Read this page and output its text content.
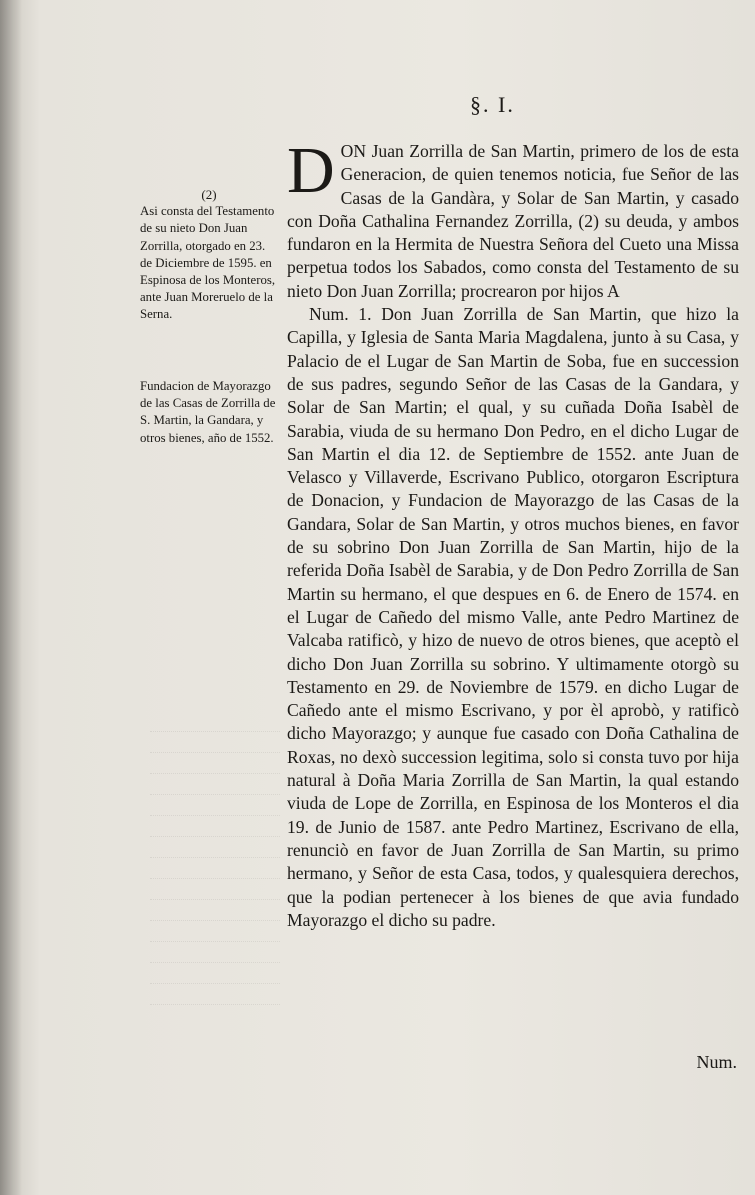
§. I.
(2)
Asi consta del Testamento de su nieto Don Juan Zorrilla, otorgado en 23. de Diciembre de 1595. en Espinosa de los Monteros, ante Juan Moreruelo de la Serna.
Fundacion de Mayorazgo de las Casas de Zorrilla de S. Martin, la Gandara, y otros bienes, año de 1552.

DON Juan Zorrilla de San Martin, primero de los de esta Generacion, de quien tenemos noticia, fue Señor de las Casas de la Gandàra, y Solar de San Martin, y casado con Doña Cathalina Fernandez Zorrilla, (2) su deuda, y ambos fundaron en la Hermita de Nuestra Señora del Cueto una Missa perpetua todos los Sabados, como consta del Testamento de su nieto Don Juan Zorrilla; procrearon por hijos A

Num. 1. Don Juan Zorrilla de San Martin, que hizo la Capilla, y Iglesia de Santa Maria Magdalena, junto à su Casa, y Palacio de el Lugar de San Martin de Soba, fue en succession de sus padres, segundo Señor de las Casas de la Gandara, y Solar de San Martin; el qual, y su cuñada Doña Isabèl de Sarabia, viuda de su hermano Don Pedro, en el dicho Lugar de San Martin el dia 12. de Septiembre de 1552. ante Juan de Velasco y Villaverde, Escrivano Publico, otorgaron Escriptura de Donacion, y Fundacion de Mayorazgo de las Casas de la Gandara, Solar de San Martin, y otros muchos bienes, en favor de su sobrino Don Juan Zorrilla de San Martin, hijo de la referida Doña Isabèl de Sarabia, y de Don Pedro Zorrilla de San Martin su hermano, el que despues en 6. de Enero de 1574. en el Lugar de Cañedo del mismo Valle, ante Pedro Martinez de Valcaba ratificò, y hizo de nuevo de otros bienes, que aceptò el dicho Don Juan Zorrilla su sobrino. Y ultimamente otorgò su Testamento en 29. de Noviembre de 1579. en dicho Lugar de Cañedo ante el mismo Escrivano, y por èl aprobò, y ratificò dicho Mayorazgo; y aunque fue casado con Doña Cathalina de Roxas, no dexò succession legitima, solo si consta tuvo por hija natural à Doña Maria Zorrilla de San Martin, la qual estando viuda de Lope de Zorrilla, en Espinosa de los Monteros el dia 19. de Junio de 1587. ante Pedro Martinez, Escrivano de ella, renunciò en favor de Juan Zorrilla de San Martin, su primo hermano, y Señor de esta Casa, todos, y qualesquiera derechos, que la podian pertenecer à los bienes de que avia fundado Mayorazgo el dicho su padre.

Num.
